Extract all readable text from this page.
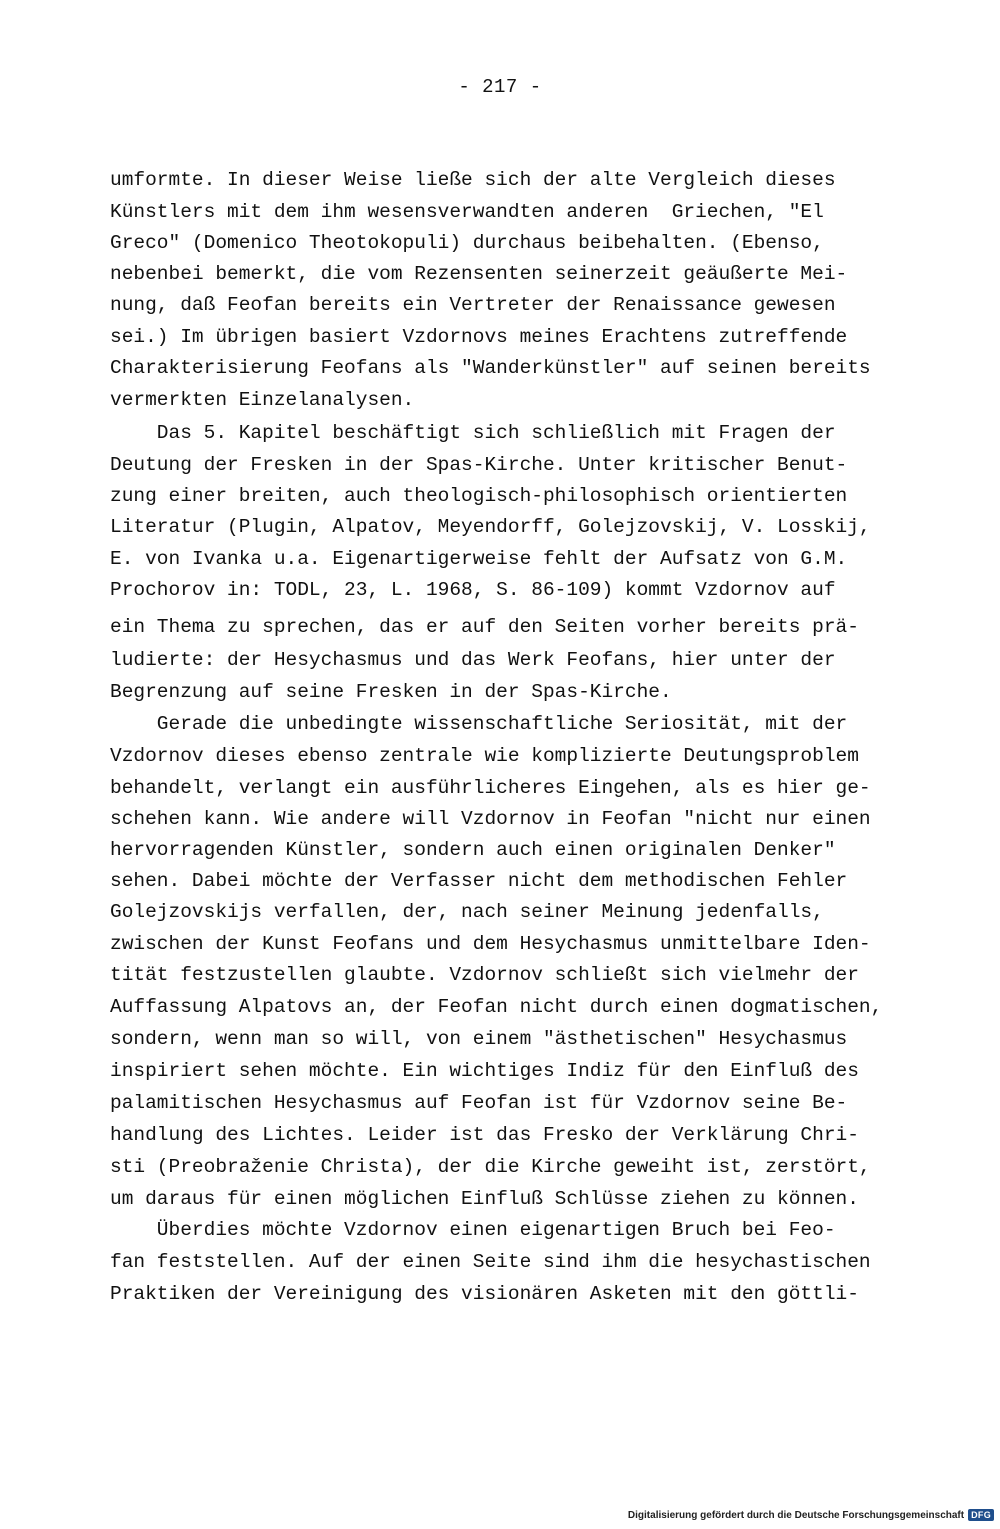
- 217 -
umformte. In dieser Weise ließe sich der alte Vergleich dieses
Künstlers mit dem ihm wesensverwandten anderen  Griechen, "El
Greco" (Domenico Theotokopuli) durchaus beibehalten. (Ebenso,
nebenbei bemerkt, die vom Rezensenten seinerzeit geäußerte Mei-
nung, daß Feofan bereits ein Vertreter der Renaissance gewesen
sei.) Im übrigen basiert Vzdornovs meines Erachtens zutreffende
Charakterisierung Feofans als "Wanderkünstler" auf seinen bereits
vermerkten Einzelanalysen.
Das 5. Kapitel beschäftigt sich schließlich mit Fragen der
Deutung der Fresken in der Spas-Kirche. Unter kritischer Benut-
zung einer breiten, auch theologisch-philosophisch orientierten
Literatur (Plugin, Alpatov, Meyendorff, Golejzovskij, V. Losskij,
E. von Ivanka u.a. Eigenartigerweise fehlt der Aufsatz von G.M.
Prochorov in: TODL, 23, L. 1968, S. 86-109) kommt Vzdornov auf
ein Thema zu sprechen, das er auf den Seiten vorher bereits prä-
ludierte: der Hesychasmus und das Werk Feofans, hier unter der
Begrenzung auf seine Fresken in der Spas-Kirche.
Gerade die unbedingte wissenschaftliche Seriosität, mit der
Vzdornov dieses ebenso zentrale wie komplizierte Deutungsproblem
behandelt, verlangt ein ausführlicheres Eingehen, als es hier ge-
schehen kann. Wie andere will Vzdornov in Feofan "nicht nur einen
hervorragenden Künstler, sondern auch einen originalen Denker"
sehen. Dabei möchte der Verfasser nicht dem methodischen Fehler
Golejzovskijs verfallen, der, nach seiner Meinung jedenfalls,
zwischen der Kunst Feofans und dem Hesychasmus unmittelbare Iden-
tität festzustellen glaubte. Vzdornov schließt sich vielmehr der
Auffassung Alpatovs an, der Feofan nicht durch einen dogmatischen,
sondern, wenn man so will, von einem "ästhetischen" Hesychasmus
inspiriert sehen möchte. Ein wichtiges Indiz für den Einfluß des
palamitischen Hesychasmus auf Feofan ist für Vzdornov seine Be-
handlung des Lichtes. Leider ist das Fresko der Verklärung Chri-
sti (Preobraženie Christa), der die Kirche geweiht ist, zerstört,
um daraus für einen möglichen Einfluß Schlüsse ziehen zu können.
Überdies möchte Vzdornov einen eigenartigen Bruch bei Feo-
fan feststellen. Auf der einen Seite sind ihm die hesychastischen
Praktiken der Vereinigung des visionären Asketen mit den göttli-
Digitalisierung gefördert durch die Deutsche Forschungsgemeinschaft DFG
